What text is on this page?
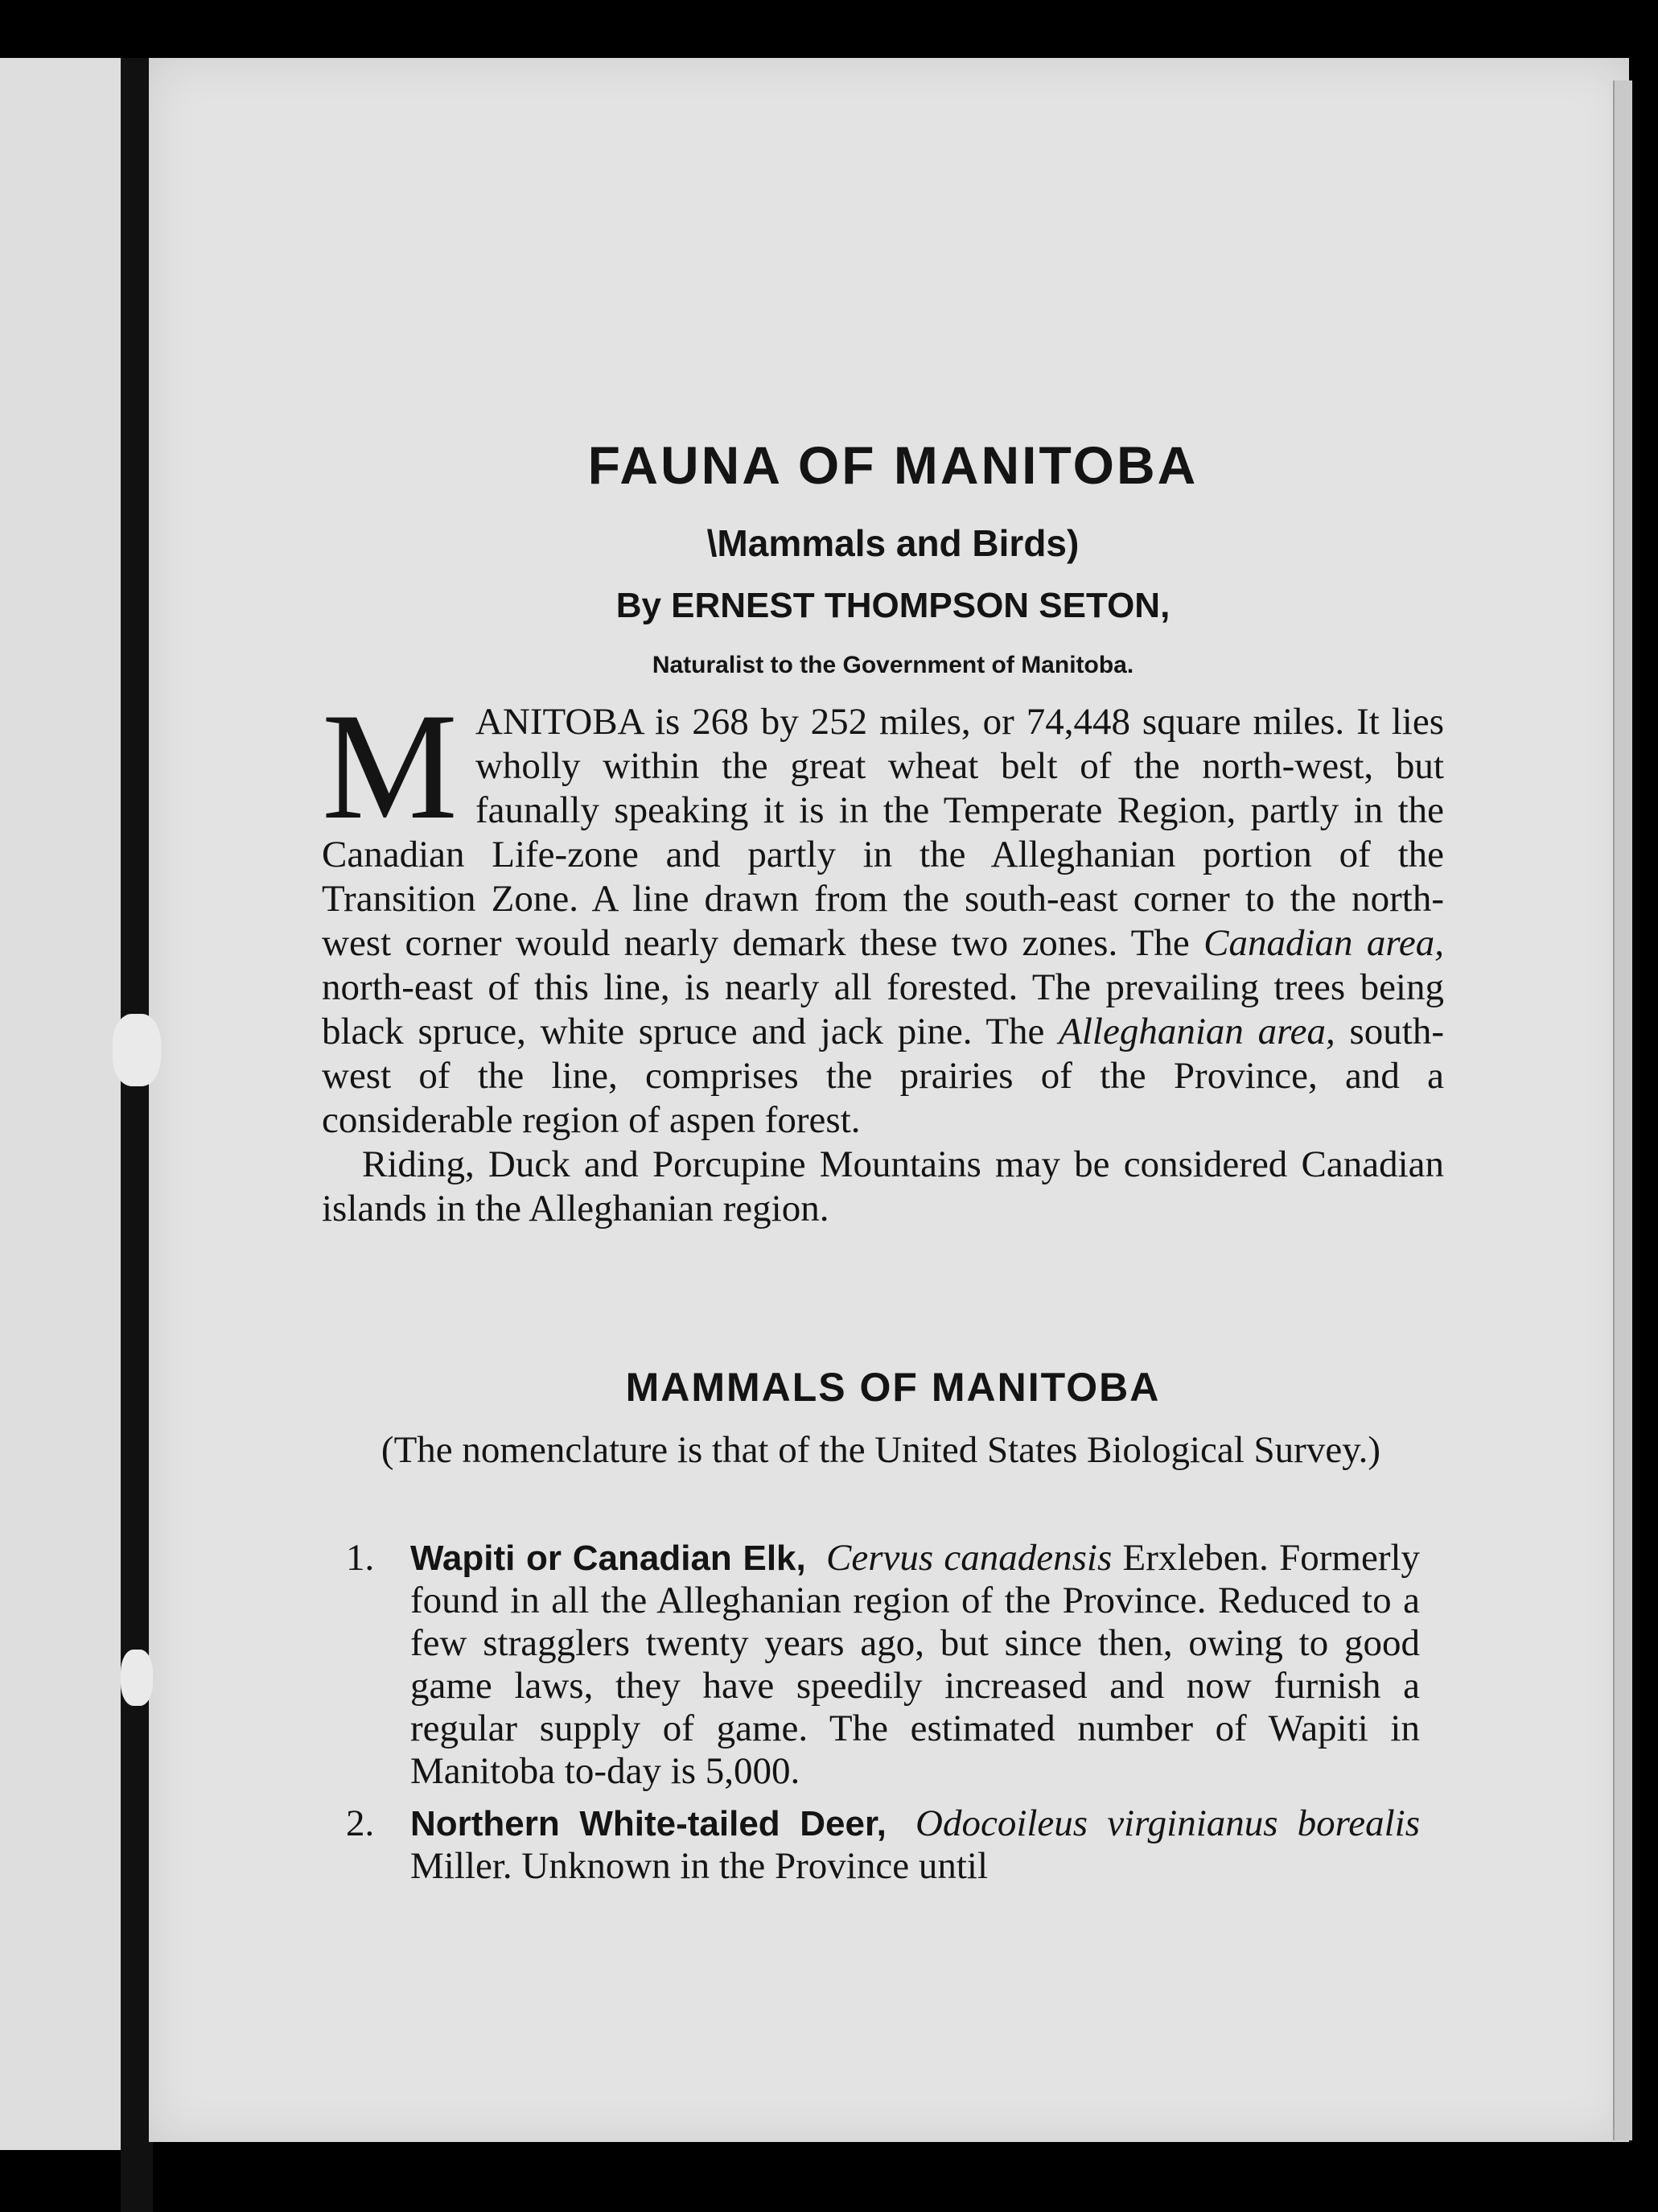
FAUNA OF MANITOBA
\Mammals and Birds)
By ERNEST THOMPSON SETON,
Naturalist to the Government of Manitoba.

MANITOBA is 268 by 252 miles, or 74,448 square miles. It lies wholly within the great wheat belt of the north-west, but faunally speaking it is in the Temperate Region, partly in the Canadian Life-zone and partly in the Alleghanian portion of the Transition Zone. A line drawn from the south-east corner to the north-west corner would nearly demark these two zones. The Canadian area, north-east of this line, is nearly all forested. The prevailing trees being black spruce, white spruce and jack pine. The Alleghanian area, south-west of the line, comprises the prairies of the Province, and a considerable region of aspen forest.

Riding, Duck and Porcupine Mountains may be considered Canadian islands in the Alleghanian region.

MAMMALS OF MANITOBA
(The nomenclature is that of the United States Biological Survey.)
1. Wapiti or Canadian Elk, Cervus canadensis Erxleben. Formerly found in all the Alleghanian region of the Province. Reduced to a few stragglers twenty years ago, but since then, owing to good game laws, they have speedily increased and now furnish a regular supply of game. The estimated number of Wapiti in Manitoba to-day is 5,000.
2. Northern White-tailed Deer, Odocoileus virginianus borealis Miller. Unknown in the Province until
